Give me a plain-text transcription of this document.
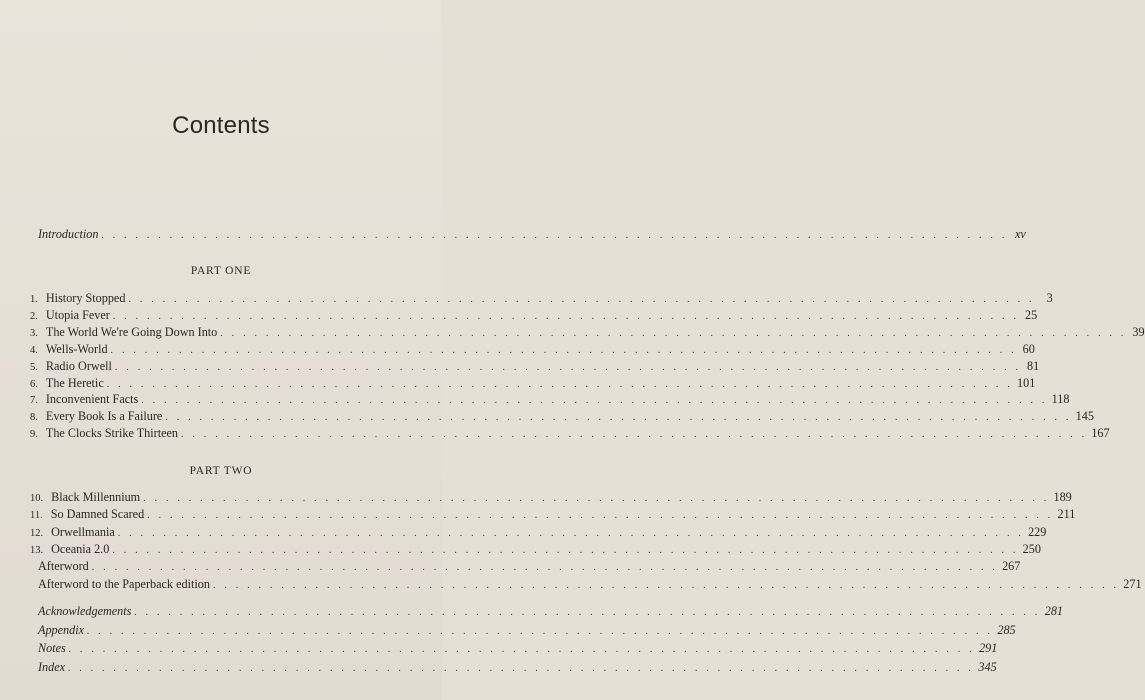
Contents
Introduction . . . . . . . . . . . . . . . . . . . . . . . . . . . . . . . . . . . . . . . . . . . . . . . . . . . . . . . . . . . . . . . . . . . . . . . . . . . . . . . . xv
PART ONE
1. History Stopped . . . . . . . . . . . . . . . . . . . . . . . . . . . . . . . . . . . . . . . . . . . . . . . . . . . . . . . . . . . . . . . . . . . . . . . . . . . . . . . . 3
2. Utopia Fever . . . . . . . . . . . . . . . . . . . . . . . . . . . . . . . . . . . . . . . . . . . . . . . . . . . . . . . . . . . . . . . . . . . . . . . . . . . . . . . . 25
3. The World We're Going Down Into . . . . . . . . . . . . . . . . . . . . . . . . . . . . . . . . . . . . . . . . . . . . . . . . . . . . . . . . . . . . . . . . . . . . . . . . . . . . . . . . 39
4. Wells-World . . . . . . . . . . . . . . . . . . . . . . . . . . . . . . . . . . . . . . . . . . . . . . . . . . . . . . . . . . . . . . . . . . . . . . . . . . . . . . . . 60
5. Radio Orwell . . . . . . . . . . . . . . . . . . . . . . . . . . . . . . . . . . . . . . . . . . . . . . . . . . . . . . . . . . . . . . . . . . . . . . . . . . . . . . . . 81
6. The Heretic . . . . . . . . . . . . . . . . . . . . . . . . . . . . . . . . . . . . . . . . . . . . . . . . . . . . . . . . . . . . . . . . . . . . . . . . . . . . . . . . 101
7. Inconvenient Facts . . . . . . . . . . . . . . . . . . . . . . . . . . . . . . . . . . . . . . . . . . . . . . . . . . . . . . . . . . . . . . . . . . . . . . . . . . . . . . . . 118
8. Every Book Is a Failure . . . . . . . . . . . . . . . . . . . . . . . . . . . . . . . . . . . . . . . . . . . . . . . . . . . . . . . . . . . . . . . . . . . . . . . . . . . . . . . . 145
9. The Clocks Strike Thirteen . . . . . . . . . . . . . . . . . . . . . . . . . . . . . . . . . . . . . . . . . . . . . . . . . . . . . . . . . . . . . . . . . . . . . . . . . . . . . . . . 167
PART TWO
10. Black Millennium . . . . . . . . . . . . . . . . . . . . . . . . . . . . . . . . . . . . . . . . . . . . . . . . . . . . . . . . . . . . . . . . . . . . . . . . . . . . . . . . 189
11. So Damned Scared . . . . . . . . . . . . . . . . . . . . . . . . . . . . . . . . . . . . . . . . . . . . . . . . . . . . . . . . . . . . . . . . . . . . . . . . . . . . . . . . 211
12. Orwellmania . . . . . . . . . . . . . . . . . . . . . . . . . . . . . . . . . . . . . . . . . . . . . . . . . . . . . . . . . . . . . . . . . . . . . . . . . . . . . . . . 229
13. Oceania 2.0 . . . . . . . . . . . . . . . . . . . . . . . . . . . . . . . . . . . . . . . . . . . . . . . . . . . . . . . . . . . . . . . . . . . . . . . . . . . . . . . . 250
Afterword . . . . . . . . . . . . . . . . . . . . . . . . . . . . . . . . . . . . . . . . . . . . . . . . . . . . . . . . . . . . . . . . . . . . . . . . . . . . . . . . 267
Afterword to the Paperback edition . . . . . . . . . . . . . . . . . . . . . . . . . . . . . . . . . . . . . . . . . . . . . . . . . . . . . . . . . . . . . . . . . . . . . . . . . . . . . . . . 271
Acknowledgements . . . . . . . . . . . . . . . . . . . . . . . . . . . . . . . . . . . . . . . . . . . . . . . . . . . . . . . . . . . . . . . . . . . . . . . . . . . . . . . . 281
Appendix . . . . . . . . . . . . . . . . . . . . . . . . . . . . . . . . . . . . . . . . . . . . . . . . . . . . . . . . . . . . . . . . . . . . . . . . . . . . . . . . 285
Notes . . . . . . . . . . . . . . . . . . . . . . . . . . . . . . . . . . . . . . . . . . . . . . . . . . . . . . . . . . . . . . . . . . . . . . . . . . . . . . . . 291
Index . . . . . . . . . . . . . . . . . . . . . . . . . . . . . . . . . . . . . . . . . . . . . . . . . . . . . . . . . . . . . . . . . . . . . . . . . . . . . . . . 345
